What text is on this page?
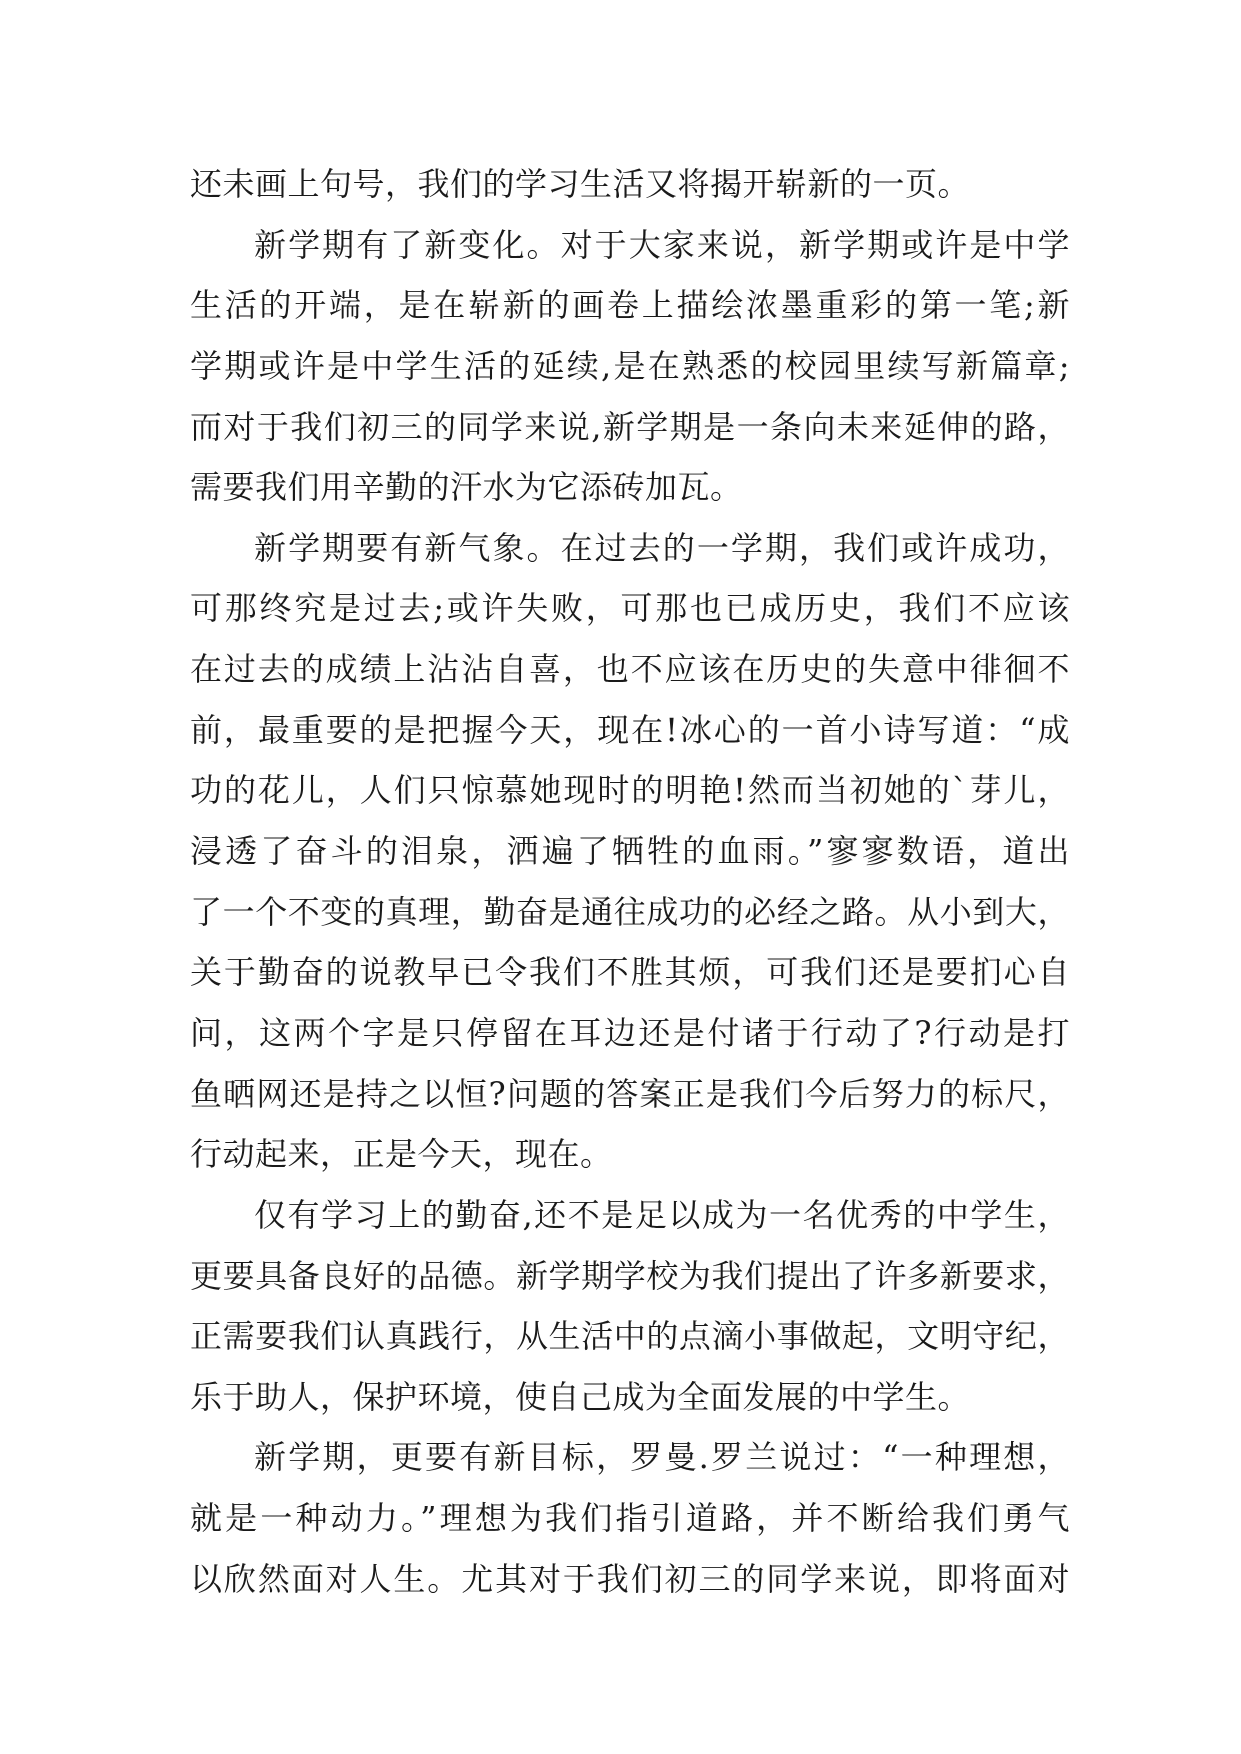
还未画上句号，我们的学习生活又将揭开崭新的一页。
新学期有了新变化。对于大家来说，新学期或许是中学
生活的开端，是在崭新的画卷上描绘浓墨重彩的第一笔;新
学期或许是中学生活的延续,是在熟悉的校园里续写新篇章;
而对于我们初三的同学来说,新学期是一条向未来延伸的路，
需要我们用辛勤的汗水为它添砖加瓦。
新学期要有新气象。在过去的一学期，我们或许成功，
可那终究是过去;或许失败，可那也已成历史，我们不应该
在过去的成绩上沾沾自喜，也不应该在历史的失意中徘徊不
前，最重要的是把握今天，现在!冰心的一首小诗写道：“成
功的花儿，人们只惊慕她现时的明艳!然而当初她的`芽儿，
浸透了奋斗的泪泉，洒遍了牺牲的血雨。”寥寥数语，道出
了一个不变的真理，勤奋是通往成功的必经之路。从小到大，
关于勤奋的说教早已令我们不胜其烦，可我们还是要扪心自
问，这两个字是只停留在耳边还是付诸于行动了?行动是打
鱼晒网还是持之以恒?问题的答案正是我们今后努力的标尺，
行动起来，正是今天，现在。
仅有学习上的勤奋,还不是足以成为一名优秀的中学生，
更要具备良好的品德。新学期学校为我们提出了许多新要求，
正需要我们认真践行，从生活中的点滴小事做起，文明守纪，
乐于助人，保护环境，使自己成为全面发展的中学生。
新学期，更要有新目标，罗曼.罗兰说过：“一种理想，
就是一种动力。”理想为我们指引道路，并不断给我们勇气
以欣然面对人生。尤其对于我们初三的同学来说，即将面对
